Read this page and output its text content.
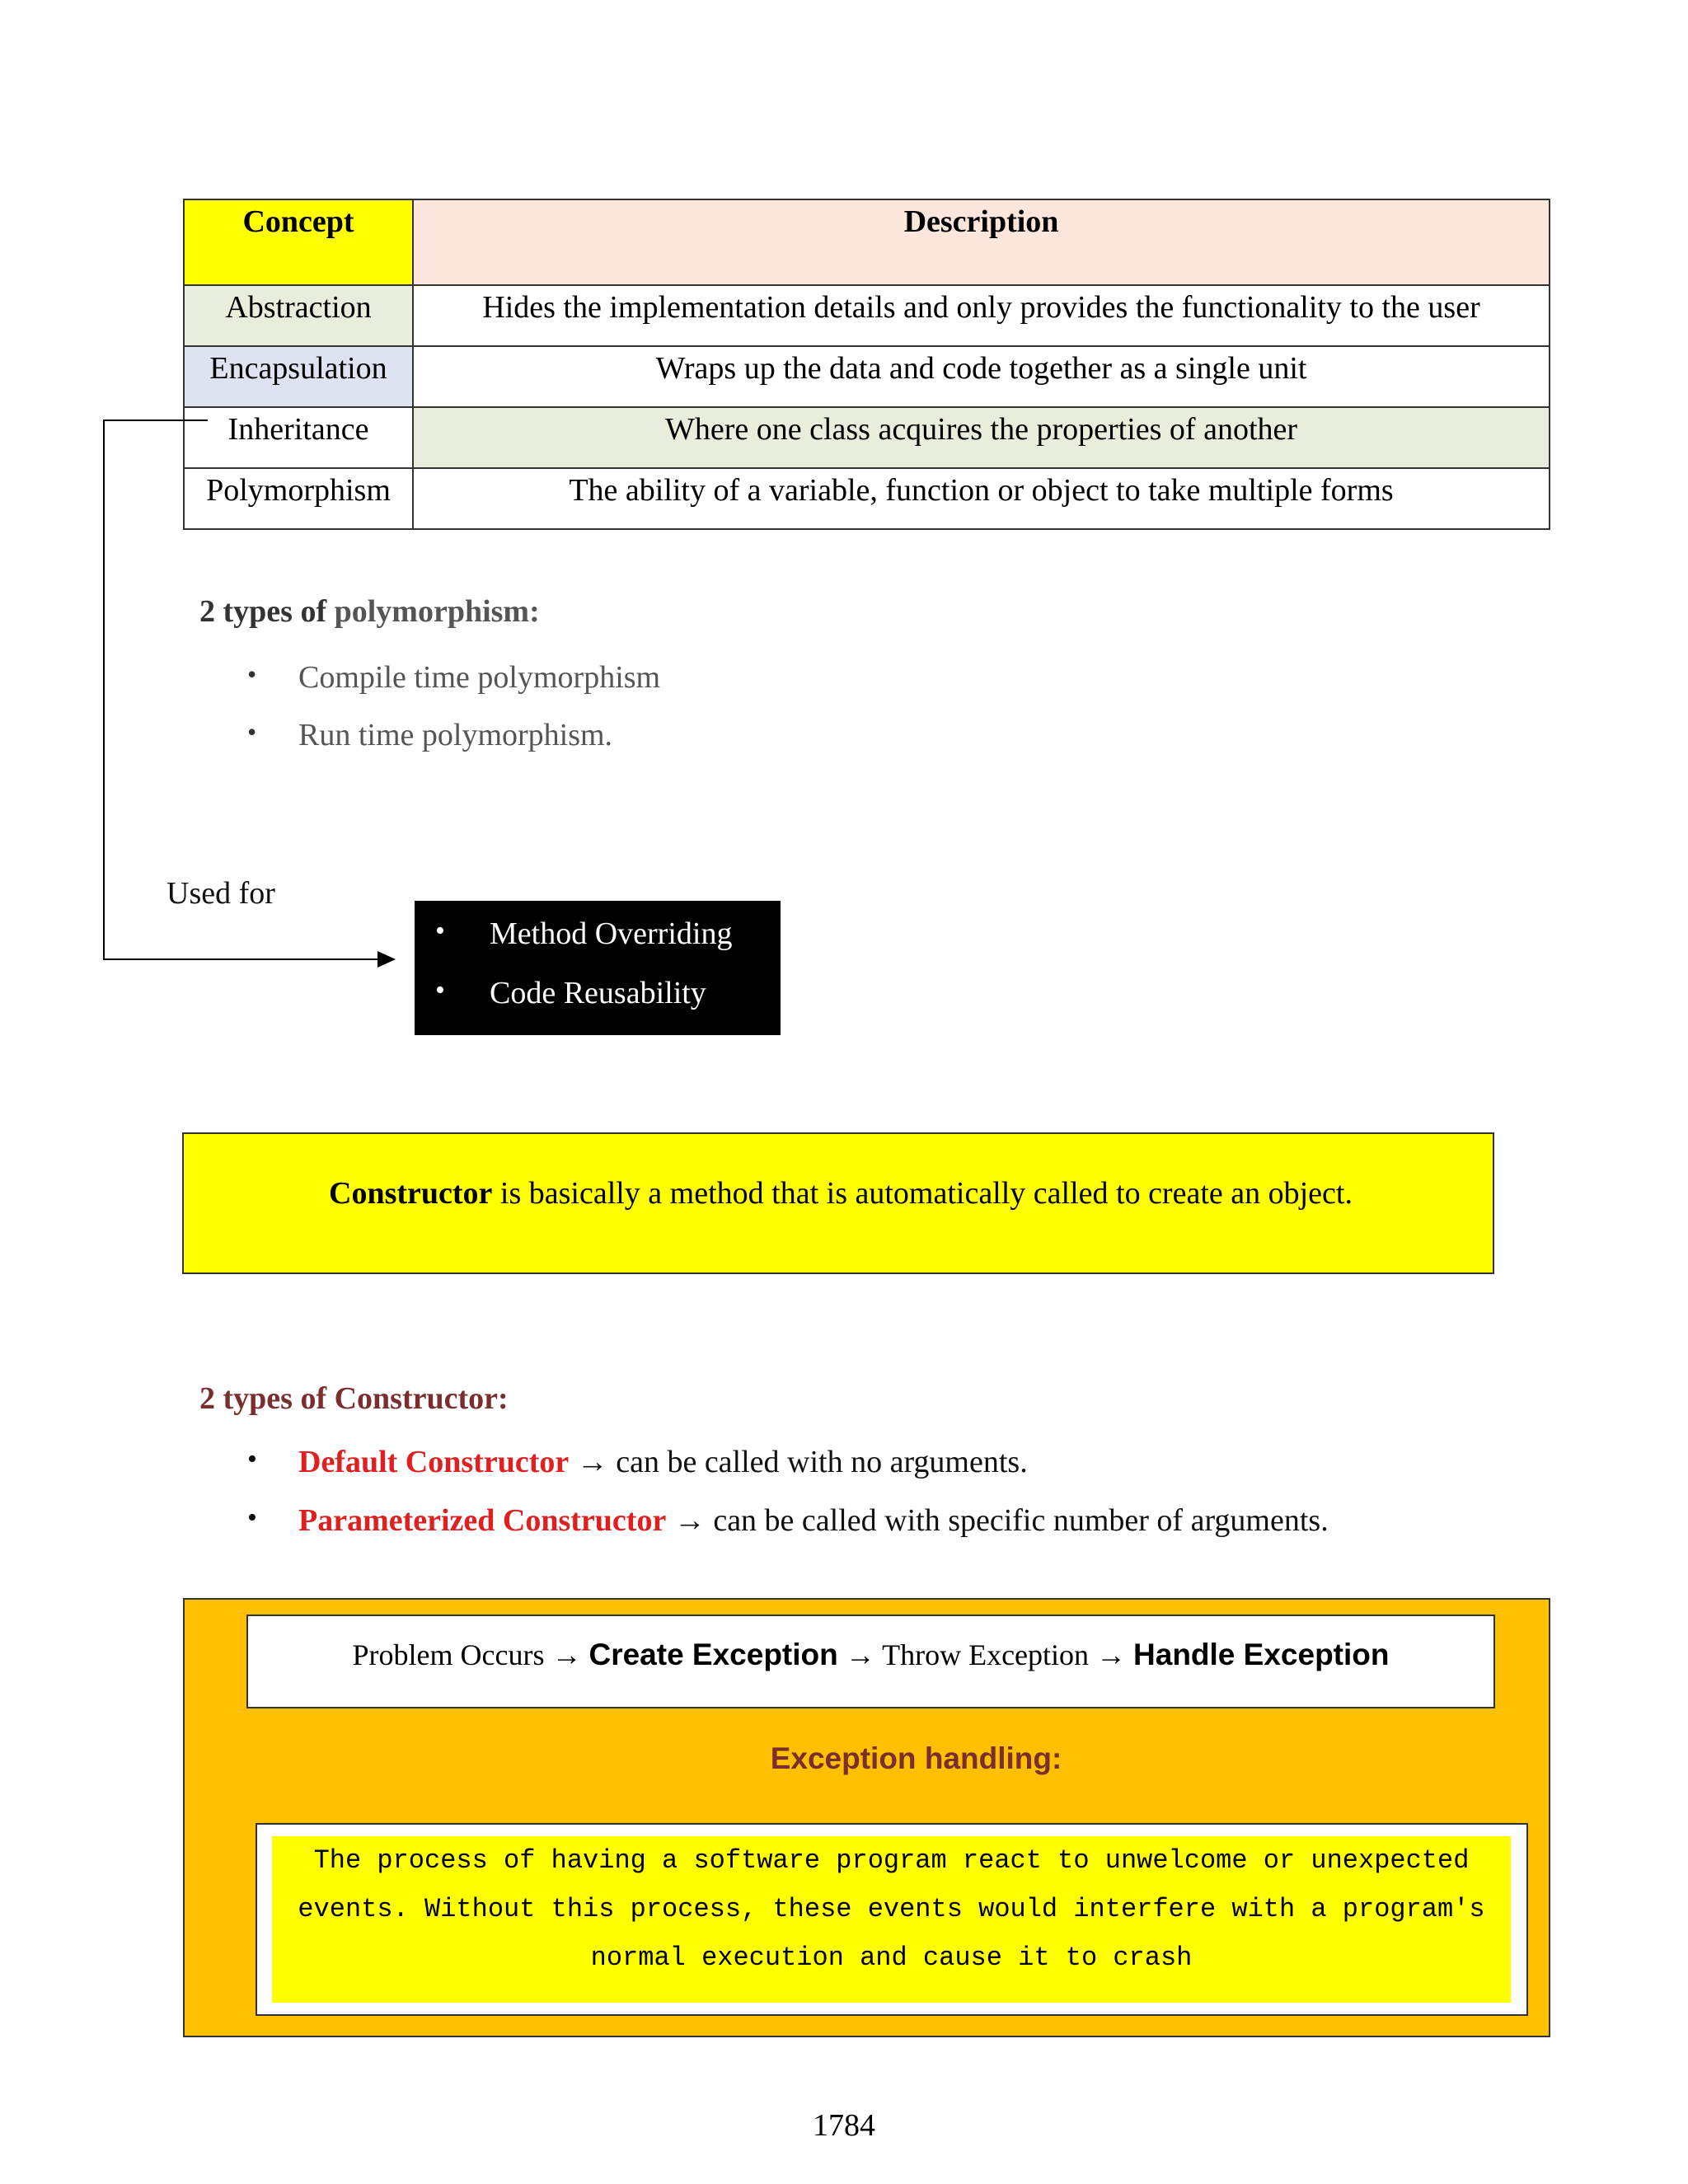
Concept	Description
Abstraction	Hides the implementation details and only provides the functionality to the user
Encapsulation	Wraps up the data and code together as a single unit
Inheritance	Where one class acquires the properties of another
Polymorphism	The ability of a variable, function or object to take multiple forms
2 types of polymorphism:
• Compile time polymorphism
• Run time polymorphism.
Used for
• Method Overriding
• Code Reusability
Constructor is basically a method that is automatically called to create an object.
2 types of Constructor:
• Default Constructor → can be called with no arguments.
• Parameterized Constructor → can be called with specific number of arguments.
Problem Occurs → Create Exception → Throw Exception → Handle Exception
Exception handling:
The process of having a software program react to unwelcome or unexpected
events. Without this process, these events would interfere with a program's
normal execution and cause it to crash
1784
